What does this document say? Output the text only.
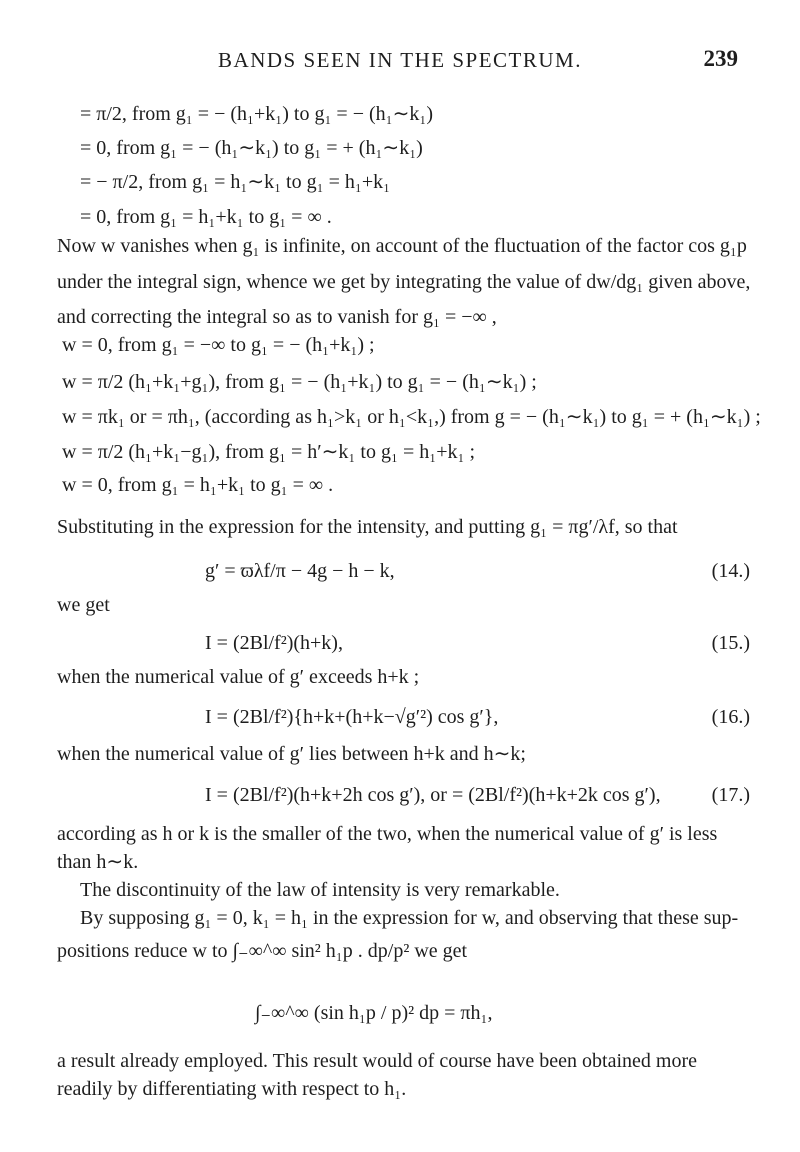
BANDS SEEN IN THE SPECTRUM.	239
= π/2, from g₁ = − (h₁+k₁) to g₁ = − (h₁∼k₁)
= 0, from g₁ = − (h₁∼k₁) to g₁ = + (h₁∼k₁)
= − π/2, from g₁ = h₁∼k₁ to g₁ = h₁+k₁
= 0, from g₁ = h₁+k₁ to g₁ = ∞ .
Now w vanishes when g₁ is infinite, on account of the fluctuation of the factor cos g₁p
under the integral sign, whence we get by integrating the value of dw/dg₁ given above,
and correcting the integral so as to vanish for g₁ = −∞ ,
w = 0, from g₁ = −∞ to g₁ = − (h₁+k₁) ;
w = π/2 (h₁+k₁+g₁), from g₁ = − (h₁+k₁) to g₁ = − (h₁∼k₁) ;
w = πk₁ or = πh₁, (according as h₁>k₁ or h₁<k₁,) from g = − (h₁∼k₁) to g₁ = + (h₁∼k₁) ;
w = π/2 (h₁+k₁−g₁), from g₁ = h′∼k₁ to g₁ = h₁+k₁ ;
w = 0, from g₁ = h₁+k₁ to g₁ = ∞ .
Substituting in the expression for the intensity, and putting g₁ = πg′/λf, so that
g′ = ϖλf/π − 4g − h − k,	(14.)
we get
I = (2Bl/f²)(h+k),	(15.)
when the numerical value of g′ exceeds h+k ;
I = (2Bl/f²){h+k+(h+k−√g′²) cos g′},	(16.)
when the numerical value of g′ lies between h+k and h∼k;
I = (2Bl/f²)(h+k+2h cos g′), or = (2Bl/f²)(h+k+2k cos g′),	(17.)
according as h or k is the smaller of the two, when the numerical value of g′ is less
than h∼k.
The discontinuity of the law of intensity is very remarkable.
By supposing g₁ = 0, k₁ = h₁ in the expression for w, and observing that these sup-
positions reduce w to ∫₋∞^∞ sin² h₁p . dp/p² we get
∫₋∞^∞ (sin h₁p / p)² dp = πh₁,
a result already employed. This result would of course have been obtained more
readily by differentiating with respect to h₁.
